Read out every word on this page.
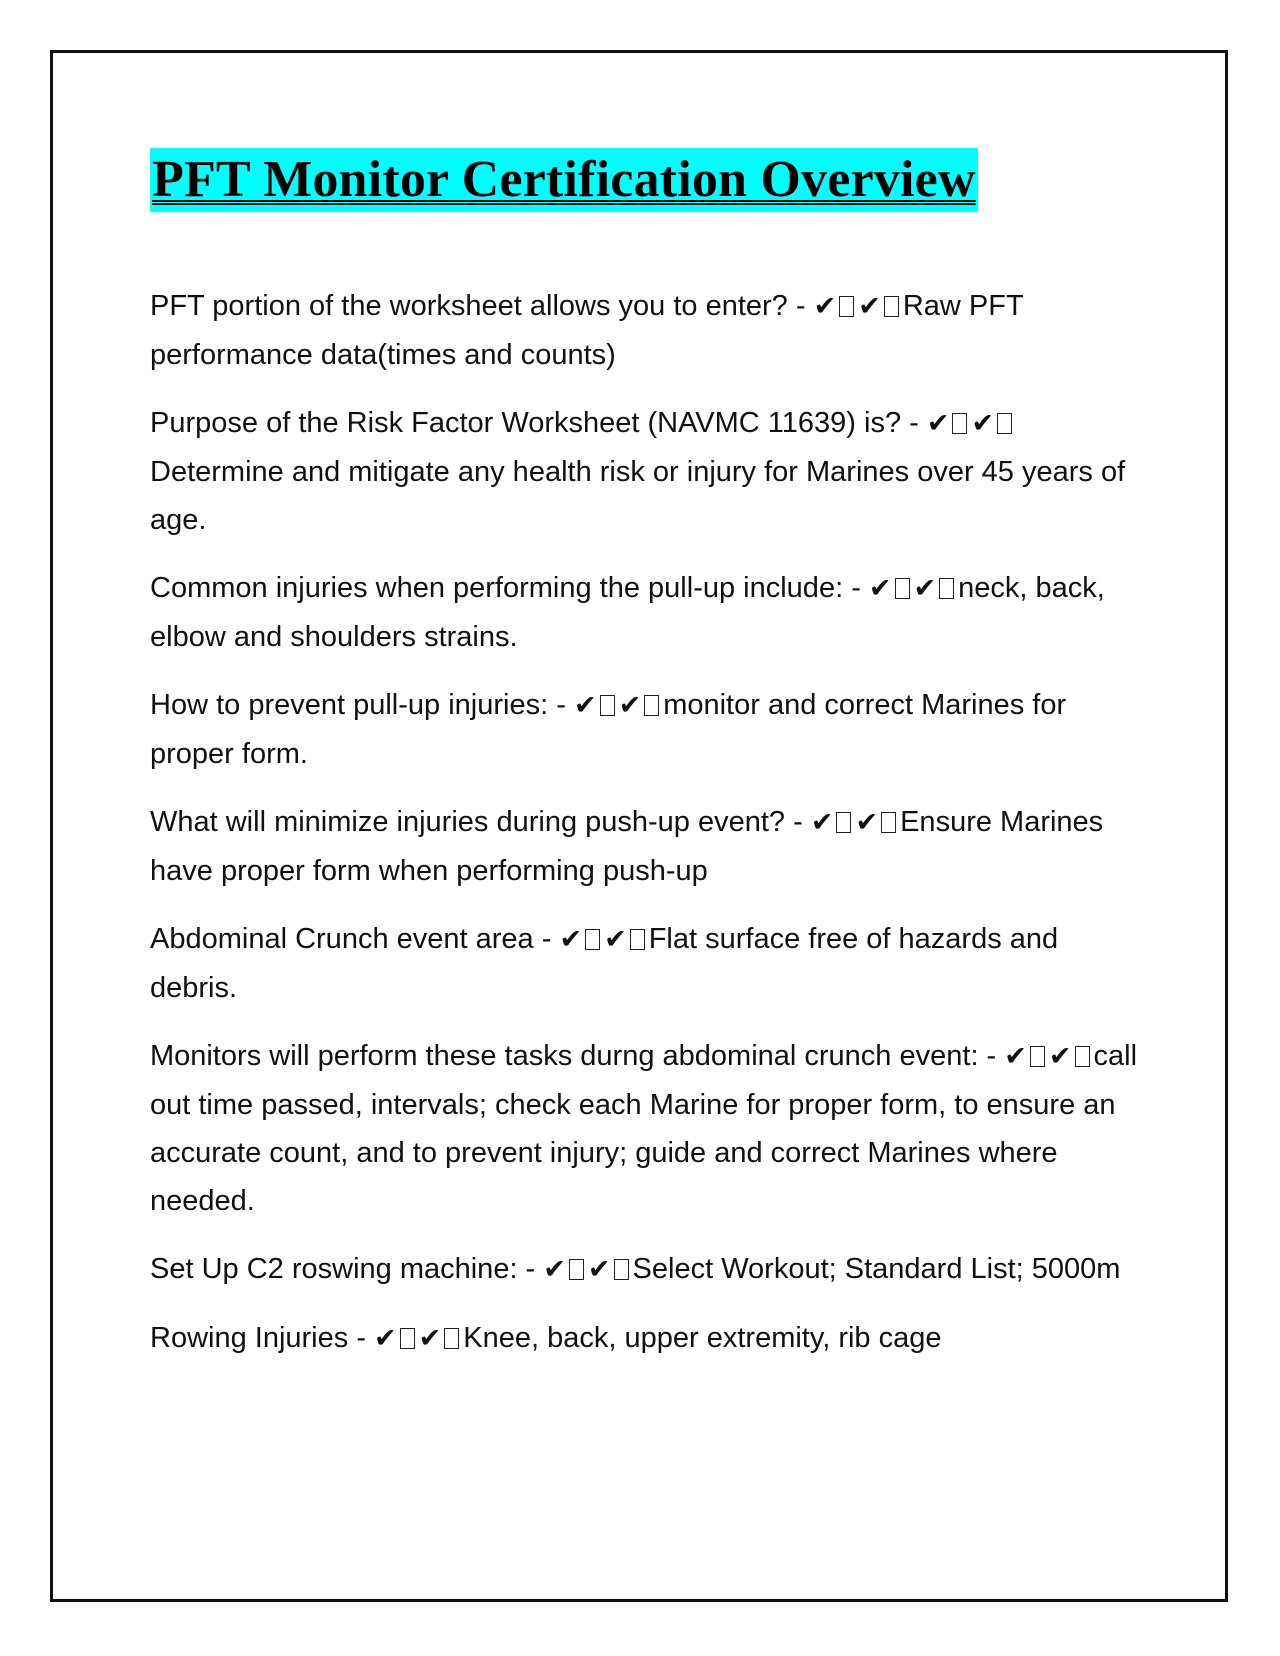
PFT Monitor Certification Overview

PFT portion of the worksheet allows you to enter? - ✔ ✔ Raw PFT performance data(times and counts)

Purpose of the Risk Factor Worksheet (NAVMC 11639) is? - ✔ ✔Determine and mitigate any health risk or injury for Marines over 45 years of age.

Common injuries when performing the pull-up include: - ✔ ✔ neck, back, elbow and shoulders strains.

How to prevent pull-up injuries: - ✔ ✔ monitor and correct Marines for proper form.

What will minimize injuries during push-up event? - ✔ ✔ Ensure Marines have proper form when performing push-up

Abdominal Crunch event area - ✔ ✔ Flat surface free of hazards and debris.

Monitors will perform these tasks durng abdominal crunch event: - ✔ ✔ call out time passed, intervals; check each Marine for proper form, to ensure an accurate count, and to prevent injury; guide and correct Marines where needed.

Set Up C2 roswing machine: - ✔ ✔ Select Workout; Standard List; 5000m

Rowing Injuries - ✔ ✔ Knee, back, upper extremity, rib cage
